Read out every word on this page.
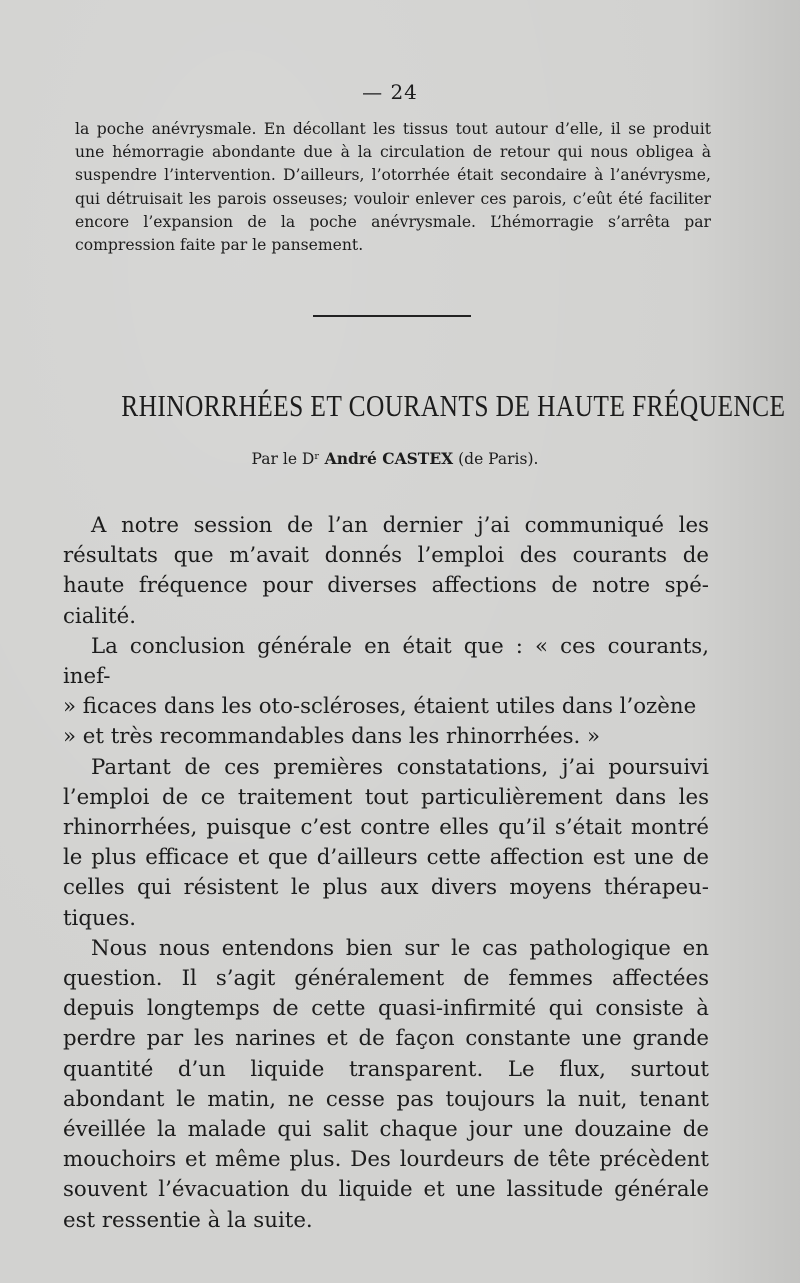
— 24

la poche anévrysmale. En décollant les tissus tout autour d’elle, il se produit une hémorragie abondante due à la circulation de retour qui nous obligea à suspendre l’intervention. D’ailleurs, l’otorrhée était secondaire à l’anévrysme, qui détruisait les parois osseuses; vouloir enlever ces parois, c’eût été faciliter encore l’expansion de la poche anévrysmale. L’hémorragie s’arrêta par compression faite par le pansement.

RHINORRHÉES ET COURANTS DE HAUTE FRÉQUENCE
Par le Dʳ André CASTEX (de Paris).

A notre session de l’an dernier j’ai communiqué les résultats que m’avait donnés l’emploi des courants de haute fréquence pour diverses affections de notre spé-cialité.

La conclusion générale en était que : « ces courants, inef-

» ficaces dans les oto-scléroses, étaient utiles dans l’ozène

» et très recommandables dans les rhinorrhées. »

Partant de ces premières constatations, j’ai poursuivi l’emploi de ce traitement tout particulièrement dans les rhinorrhées, puisque c’est contre elles qu’il s’était montré le plus efficace et que d’ailleurs cette affection est une de celles qui résistent le plus aux divers moyens thérapeu-tiques.

Nous nous entendons bien sur le cas pathologique en question. Il s’agit généralement de femmes affectées depuis longtemps de cette quasi-infirmité qui consiste à perdre par les narines et de façon constante une grande quantité d’un liquide transparent. Le flux, surtout abondant le matin, ne cesse pas toujours la nuit, tenant éveillée la malade qui salit chaque jour une douzaine de mouchoirs et même plus. Des lourdeurs de tête précèdent souvent l’évacuation du liquide et une lassitude générale est ressentie à la suite.
